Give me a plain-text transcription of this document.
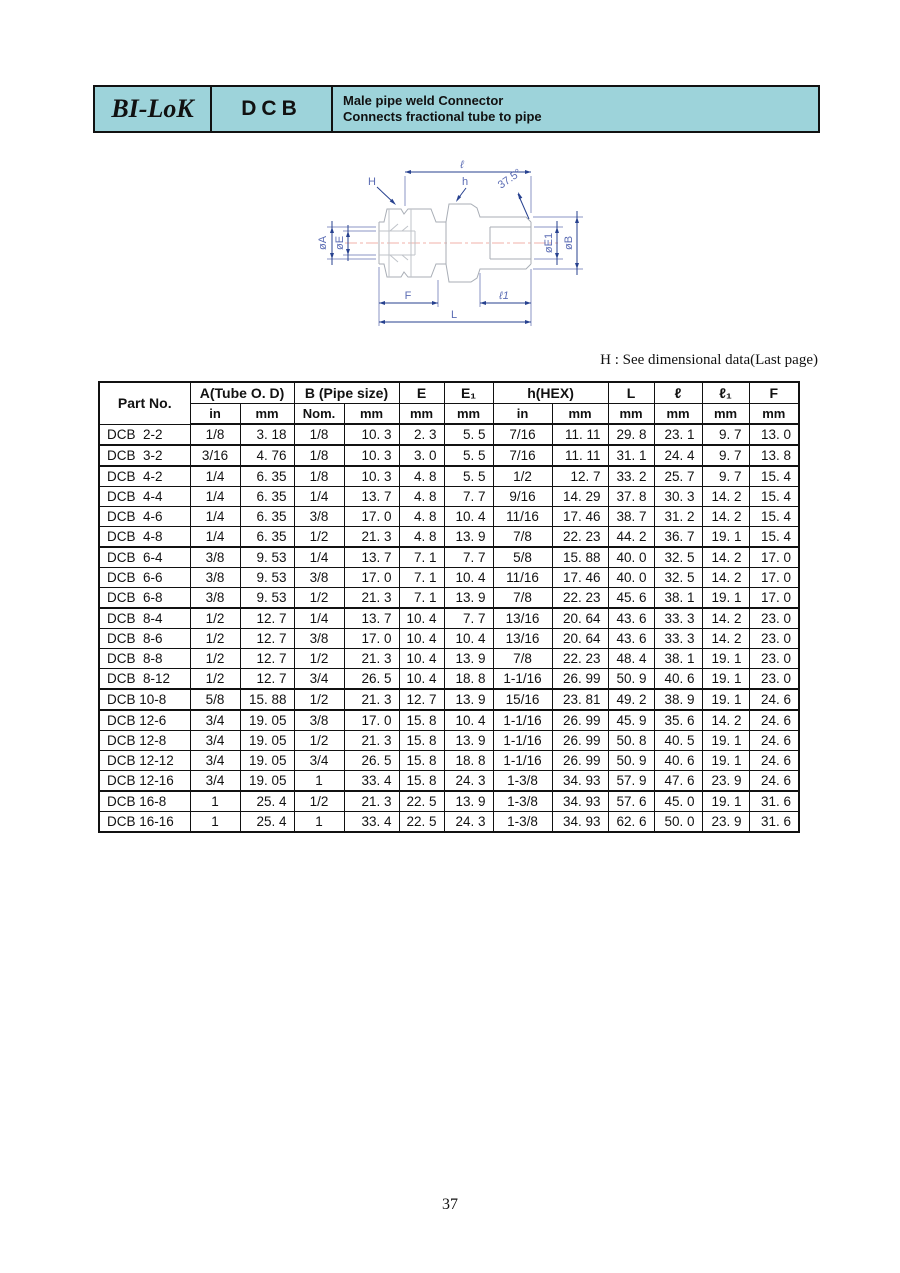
BI-LoK	DCB	Male pipe weld Connector
Connects fractional tube to pipe
øA øE	øE1 øB
ℓ
H	h	37.5°
F	ℓ1
L
H : See dimensional data(Last page)
Part No.	A(Tube O. D)		B (Pipe size)		E	E₁	h(HEX)		L	ℓ	ℓ₁	F
	in	mm	Nom.	mm	mm	mm	in	mm	mm	mm	mm	mm
DCB  2-2	1/8	3. 18	1/8	10. 3	2. 3	5. 5	7/16	11. 11	29. 8	23. 1	9. 7	13. 0
DCB  3-2	3/16	4. 76	1/8	10. 3	3. 0	5. 5	7/16	11. 11	31. 1	24. 4	9. 7	13. 8
DCB  4-2	1/4	6. 35	1/8	10. 3	4. 8	5. 5	1/2	12. 7	33. 2	25. 7	9. 7	15. 4
DCB  4-4	1/4	6. 35	1/4	13. 7	4. 8	7. 7	9/16	14. 29	37. 8	30. 3	14. 2	15. 4
DCB  4-6	1/4	6. 35	3/8	17. 0	4. 8	10. 4	11/16	17. 46	38. 7	31. 2	14. 2	15. 4
DCB  4-8	1/4	6. 35	1/2	21. 3	4. 8	13. 9	7/8	22. 23	44. 2	36. 7	19. 1	15. 4
DCB  6-4	3/8	9. 53	1/4	13. 7	7. 1	7. 7	5/8	15. 88	40. 0	32. 5	14. 2	17. 0
DCB  6-6	3/8	9. 53	3/8	17. 0	7. 1	10. 4	11/16	17. 46	40. 0	32. 5	14. 2	17. 0
DCB  6-8	3/8	9. 53	1/2	21. 3	7. 1	13. 9	7/8	22. 23	45. 6	38. 1	19. 1	17. 0
DCB  8-4	1/2	12. 7	1/4	13. 7	10. 4	7. 7	13/16	20. 64	43. 6	33. 3	14. 2	23. 0
DCB  8-6	1/2	12. 7	3/8	17. 0	10. 4	10. 4	13/16	20. 64	43. 6	33. 3	14. 2	23. 0
DCB  8-8	1/2	12. 7	1/2	21. 3	10. 4	13. 9	7/8	22. 23	48. 4	38. 1	19. 1	23. 0
DCB  8-12	1/2	12. 7	3/4	26. 5	10. 4	18. 8	1-1/16	26. 99	50. 9	40. 6	19. 1	23. 0
DCB 10-8	5/8	15. 88	1/2	21. 3	12. 7	13. 9	15/16	23. 81	49. 2	38. 9	19. 1	24. 6
DCB 12-6	3/4	19. 05	3/8	17. 0	15. 8	10. 4	1-1/16	26. 99	45. 9	35. 6	14. 2	24. 6
DCB 12-8	3/4	19. 05	1/2	21. 3	15. 8	13. 9	1-1/16	26. 99	50. 8	40. 5	19. 1	24. 6
DCB 12-12	3/4	19. 05	3/4	26. 5	15. 8	18. 8	1-1/16	26. 99	50. 9	40. 6	19. 1	24. 6
DCB 12-16	3/4	19. 05	1	33. 4	15. 8	24. 3	1-3/8	34. 93	57. 9	47. 6	23. 9	24. 6
DCB 16-8	1	25. 4	1/2	21. 3	22. 5	13. 9	1-3/8	34. 93	57. 6	45. 0	19. 1	31. 6
DCB 16-16	1	25. 4	1	33. 4	22. 5	24. 3	1-3/8	34. 93	62. 6	50. 0	23. 9	31. 6
37
